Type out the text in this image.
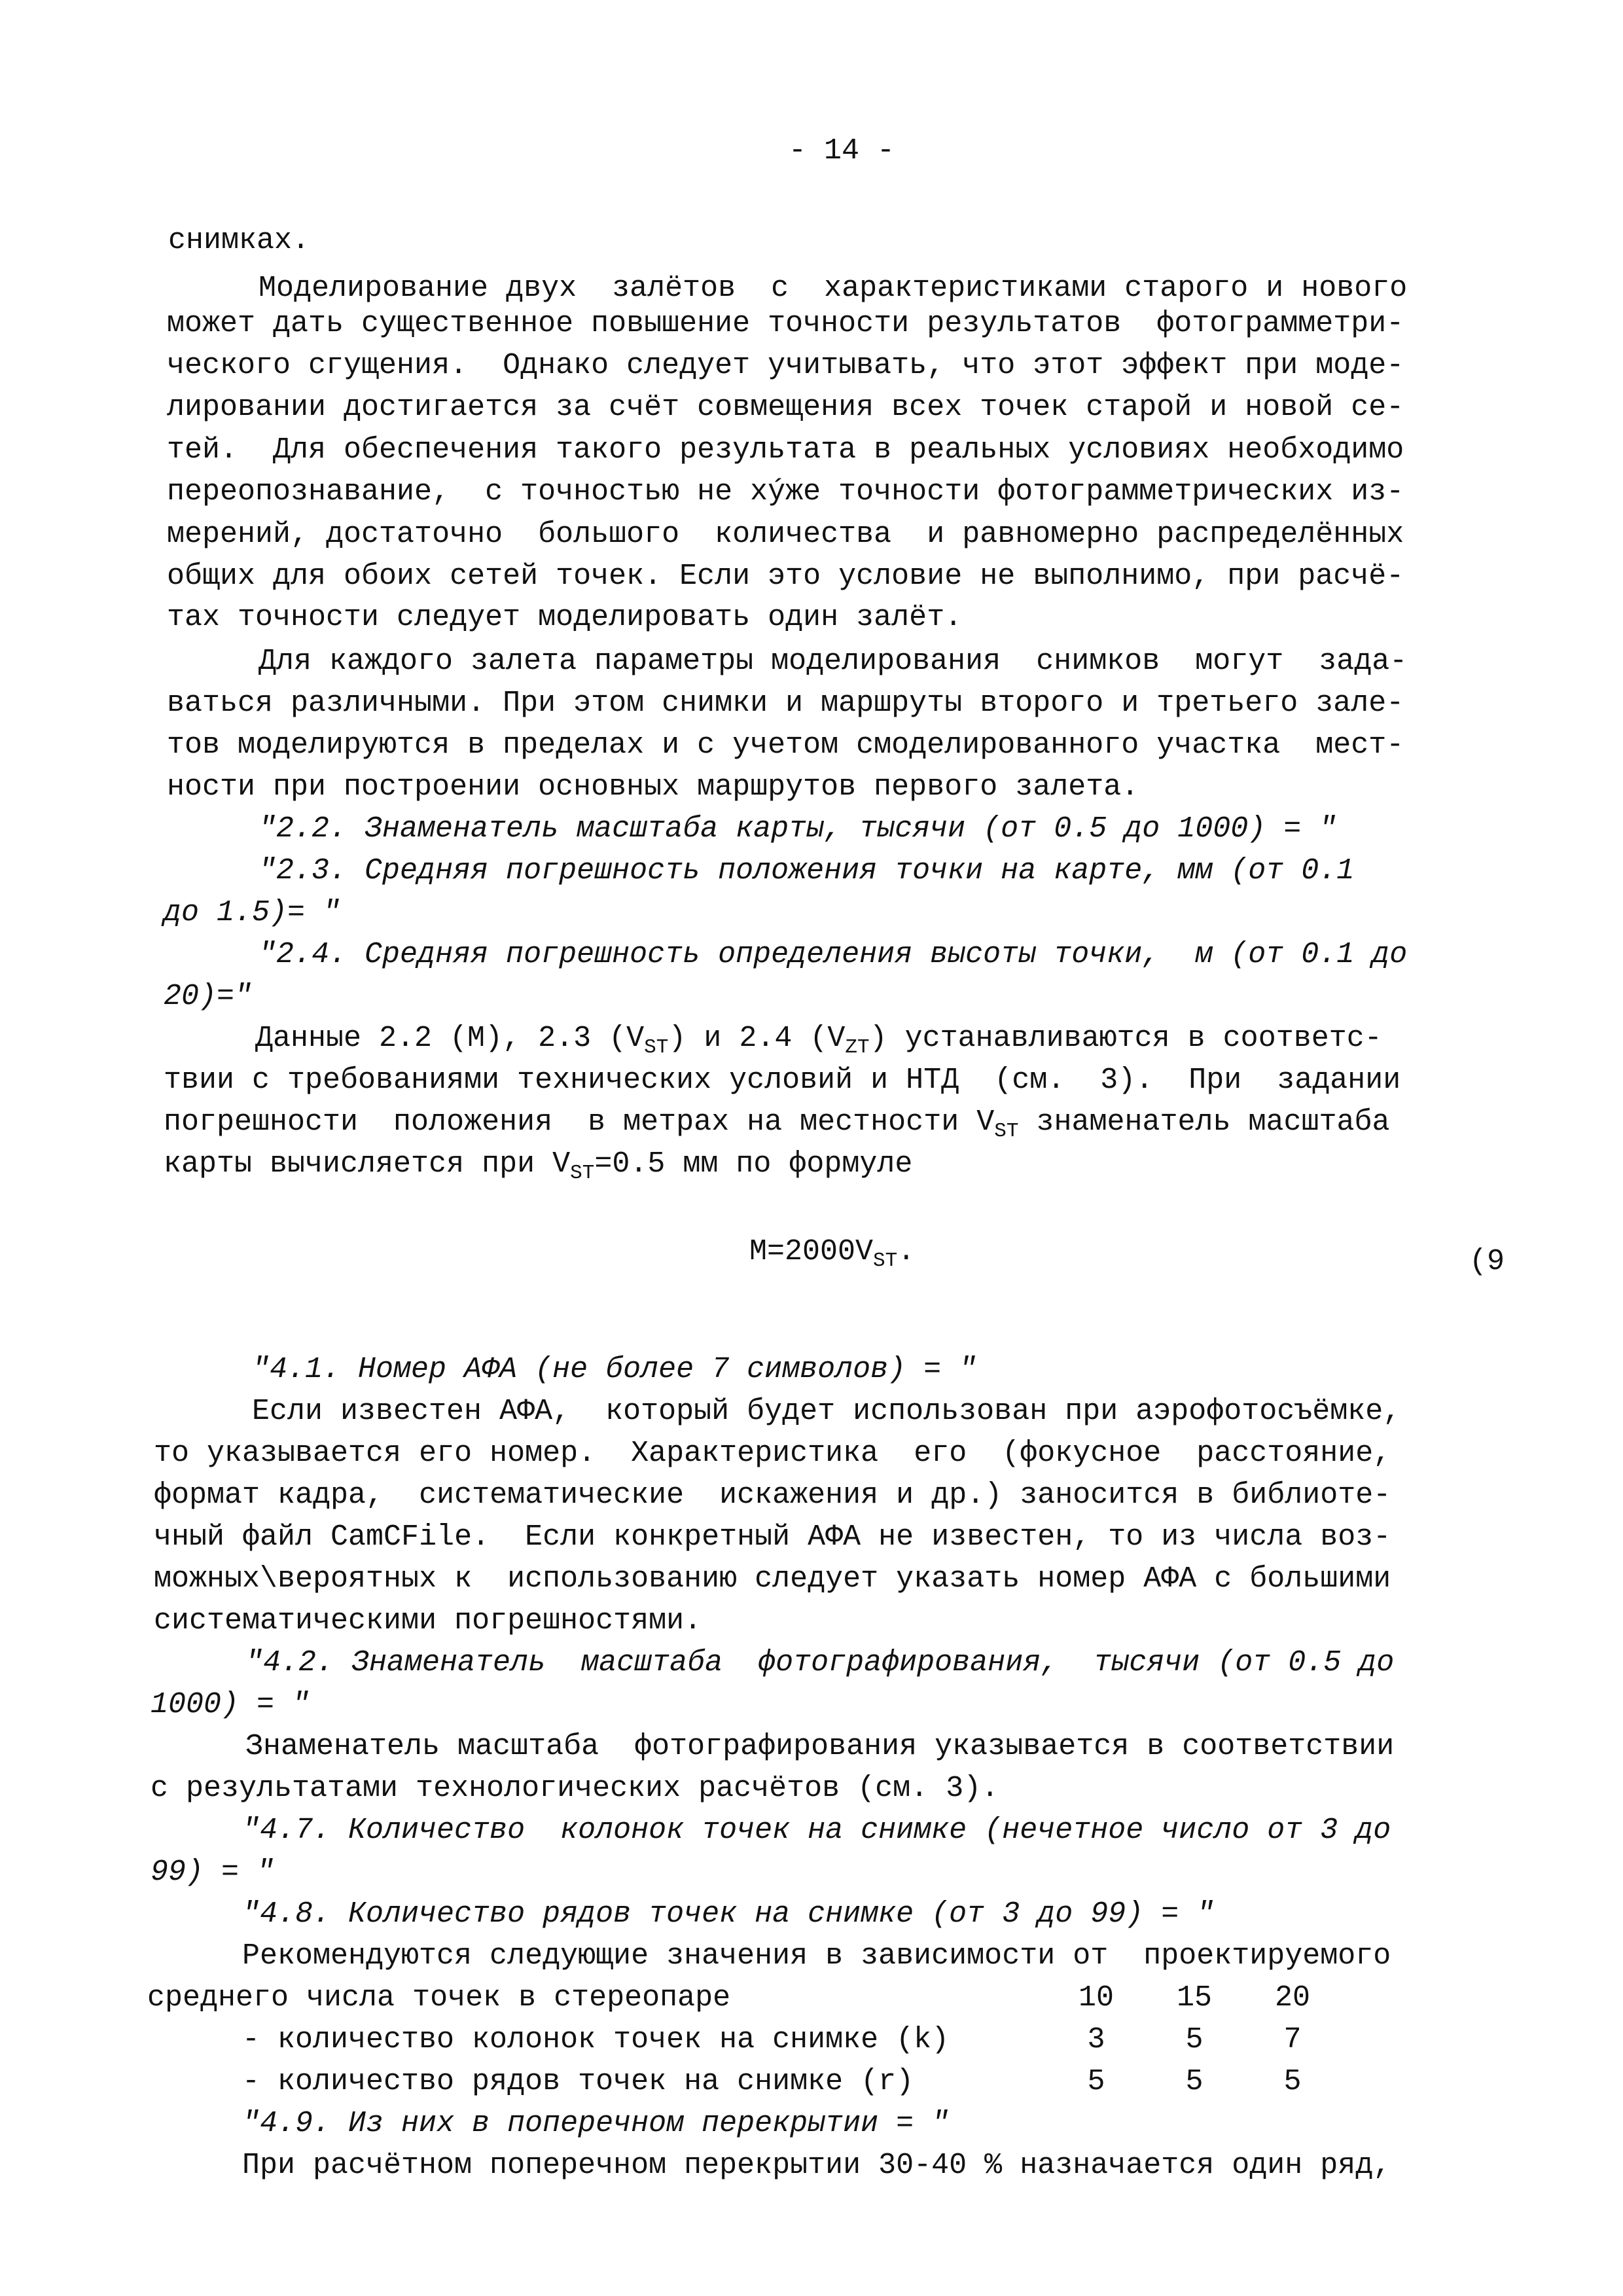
- 14 -
снимках.
Моделирование двух  залётов  с  характеристиками старого и нового
может дать существенное повышение точности результатов  фотограмметри-
ческого сгущения.  Однако следует учитывать, что этот эффект при моде-
лировании достигается за счёт совмещения всех точек старой и новой се-
тей.  Для обеспечения такого результата в реальных условиях необходимо
переопознавание,  с точностью не хýже точности фотограмметрических из-
мерений, достаточно  большого  количества  и равномерно распределённых
общих для обоих сетей точек. Если это условие не выполнимо, при расчё-
тах точности следует моделировать один залёт.
Для каждого залета параметры моделирования  снимков  могут  зада-
ваться различными. При этом снимки и маршруты второго и третьего зале-
тов моделируются в пределах и с учетом смоделированного участка  мест-
ности при построении основных маршрутов первого залета.
"2.2. Знаменатель масштаба карты, тысячи (от 0.5 до 1000) = "
"2.3. Средняя погрешность положения точки на карте, мм (от 0.1
до 1.5)= "
"2.4. Средняя погрешность определения высоты точки,  м (от 0.1 до
20)="
Данные 2.2 (М), 2.3 $(V_{ST})$ и 2.4 $(V_{ZT})$ устанавливаются в соответс-
твии с требованиями технических условий и НТД  (см.  3).  При  задании
погрешности  положения  в метрах на местности $V_{ST}$ знаменатель масштаба
карты вычисляется при $V_{ST}=0.5$ мм по формуле
$M=2000V_{ST}$.	(9
"4.1. Номер АФА (не более 7 символов) = "
Если известен АФА,  который будет использован при аэрофотосъёмке,
то указывается его номер.  Характеристика  его  (фокусное  расстояние,
формат кадра,  систематические  искажения и др.) заносится в библиоте-
чный файл CamCFile.  Если конкретный АФА не известен, то из числа воз-
можных\вероятных к  использованию следует указать номер АФА с большими
систематическими погрешностями.
"4.2. Знаменатель  масштаба  фотографирования,  тысячи (от 0.5 до
1000) = "
Знаменатель масштаба  фотографирования указывается в соответствии
с результатами технологических расчётов (см. 3).
"4.7. Количество  колонок точек на снимке (нечетное число от 3 до
99) = "
"4.8. Количество рядов точек на снимке (от 3 до 99) = "
Рекомендуются следующие значения в зависимости от  проектируемого
среднего числа точек в стереопаре	10 15 20
- количество колонок точек на снимке (k)	3	5	7
- количество рядов точек на снимке (r)	5	5	5
"4.9. Из них в поперечном перекрытии = "
При расчётном поперечном перекрытии 30-40 % назначается один ряд,
